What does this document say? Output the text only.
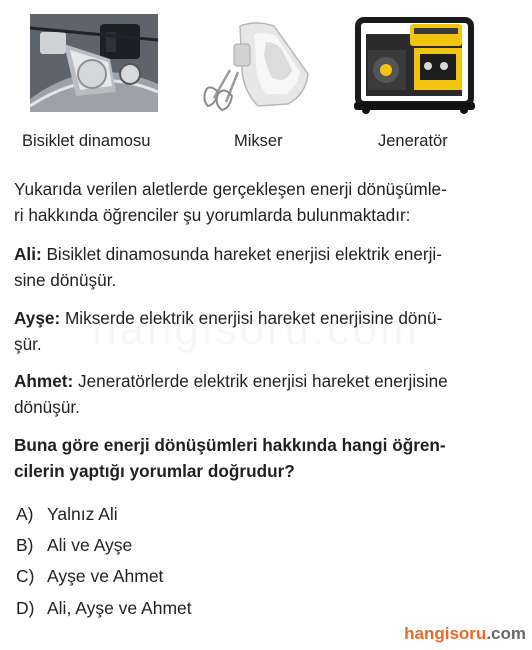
Bisiklet dinamosu	Mikser	Jeneratör
Yukarıda verilen aletlerde gerçekleşen enerji dönüşümle-
ri hakkında öğrenciler şu yorumlarda bulunmaktadır:
Ali: Bisiklet dinamosunda hareket enerjisi elektrik enerji-
sine dönüşür.
Ayşe: Mikserde elektrik enerjisi hareket enerjisine dönü-
şür.
Ahmet: Jeneratörlerde elektrik enerjisi hareket enerjisine
dönüşür.
Buna göre enerji dönüşümleri hakkında hangi öğren-
cilerin yaptığı yorumlar doğrudur?
A) Yalnız Ali
B) Ali ve Ayşe
C) Ayşe ve Ahmet
D) Ali, Ayşe ve Ahmet
hangisoru.com
